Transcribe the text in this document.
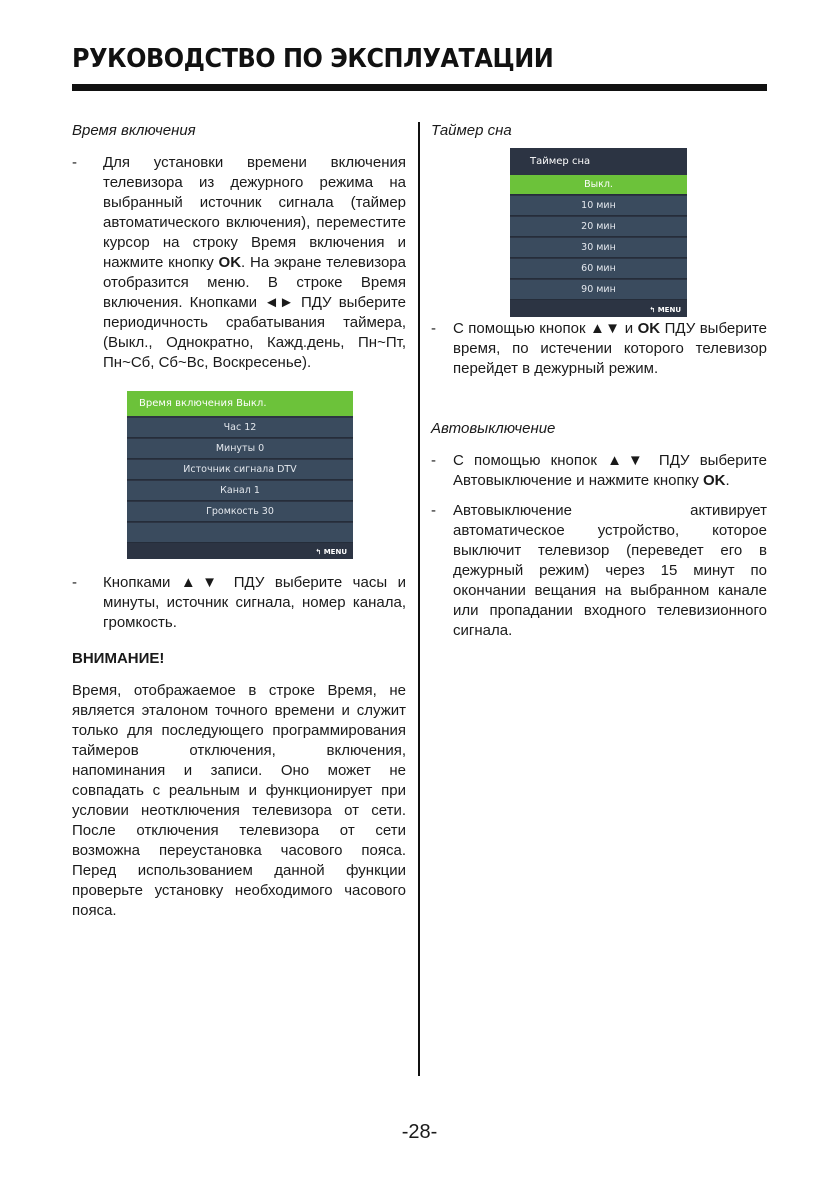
РУКОВОДСТВО ПО ЭКСПЛУАТАЦИИ

Время включения

- Для установки времени включения телевизора из дежурного режима на выбранный источник сигнала (таймер автоматического включения), переместите курсор на строку Время включения и нажмите кнопку OK. На экране телевизора отобразится меню. В строке Время включения. Кнопками ◄► ПДУ выберите периодичность срабатывания таймера, (Выкл., Однократно, Кажд.день, Пн~Пт, Пн~Сб, Сб~Вс, Воскресенье).

Время включения Выкл.
Час 12
Минуты 0
Источник сигнала DTV
Канал 1
Громкость 30
↰ MENU

- Кнопками ▲▼ ПДУ выберите часы и минуты, источник сигнала, номер канала, громкость.

ВНИМАНИЕ!

Время, отображаемое в строке Время, не является эталоном точного времени и служит только для последующего программирования таймеров отключения, включения, напоминания и записи. Оно может не совпадать с реальным и функционирует при условии неотключения телевизора от сети. После отключения телевизора от сети возможна переустановка часового пояса. Перед использованием данной функции проверьте установку необходимого часового пояса.

Таймер сна

Таймер сна
Выкл.
10 мин
20 мин
30 мин
60 мин
90 мин
↰ MENU

- С помощью кнопок ▲▼ и OK ПДУ выберите время, по истечении которого телевизор перейдет в дежурный режим.

Автовыключение

- С помощью кнопок ▲▼ ПДУ выберите Автовыключение и нажмите кнопку OK.

- Автовыключение активирует автоматическое устройство, которое выключит телевизор (переведет его в дежурный режим) через 15 минут по окончании вещания на выбранном канале или пропадании входного телевизионного сигнала.

-28-
